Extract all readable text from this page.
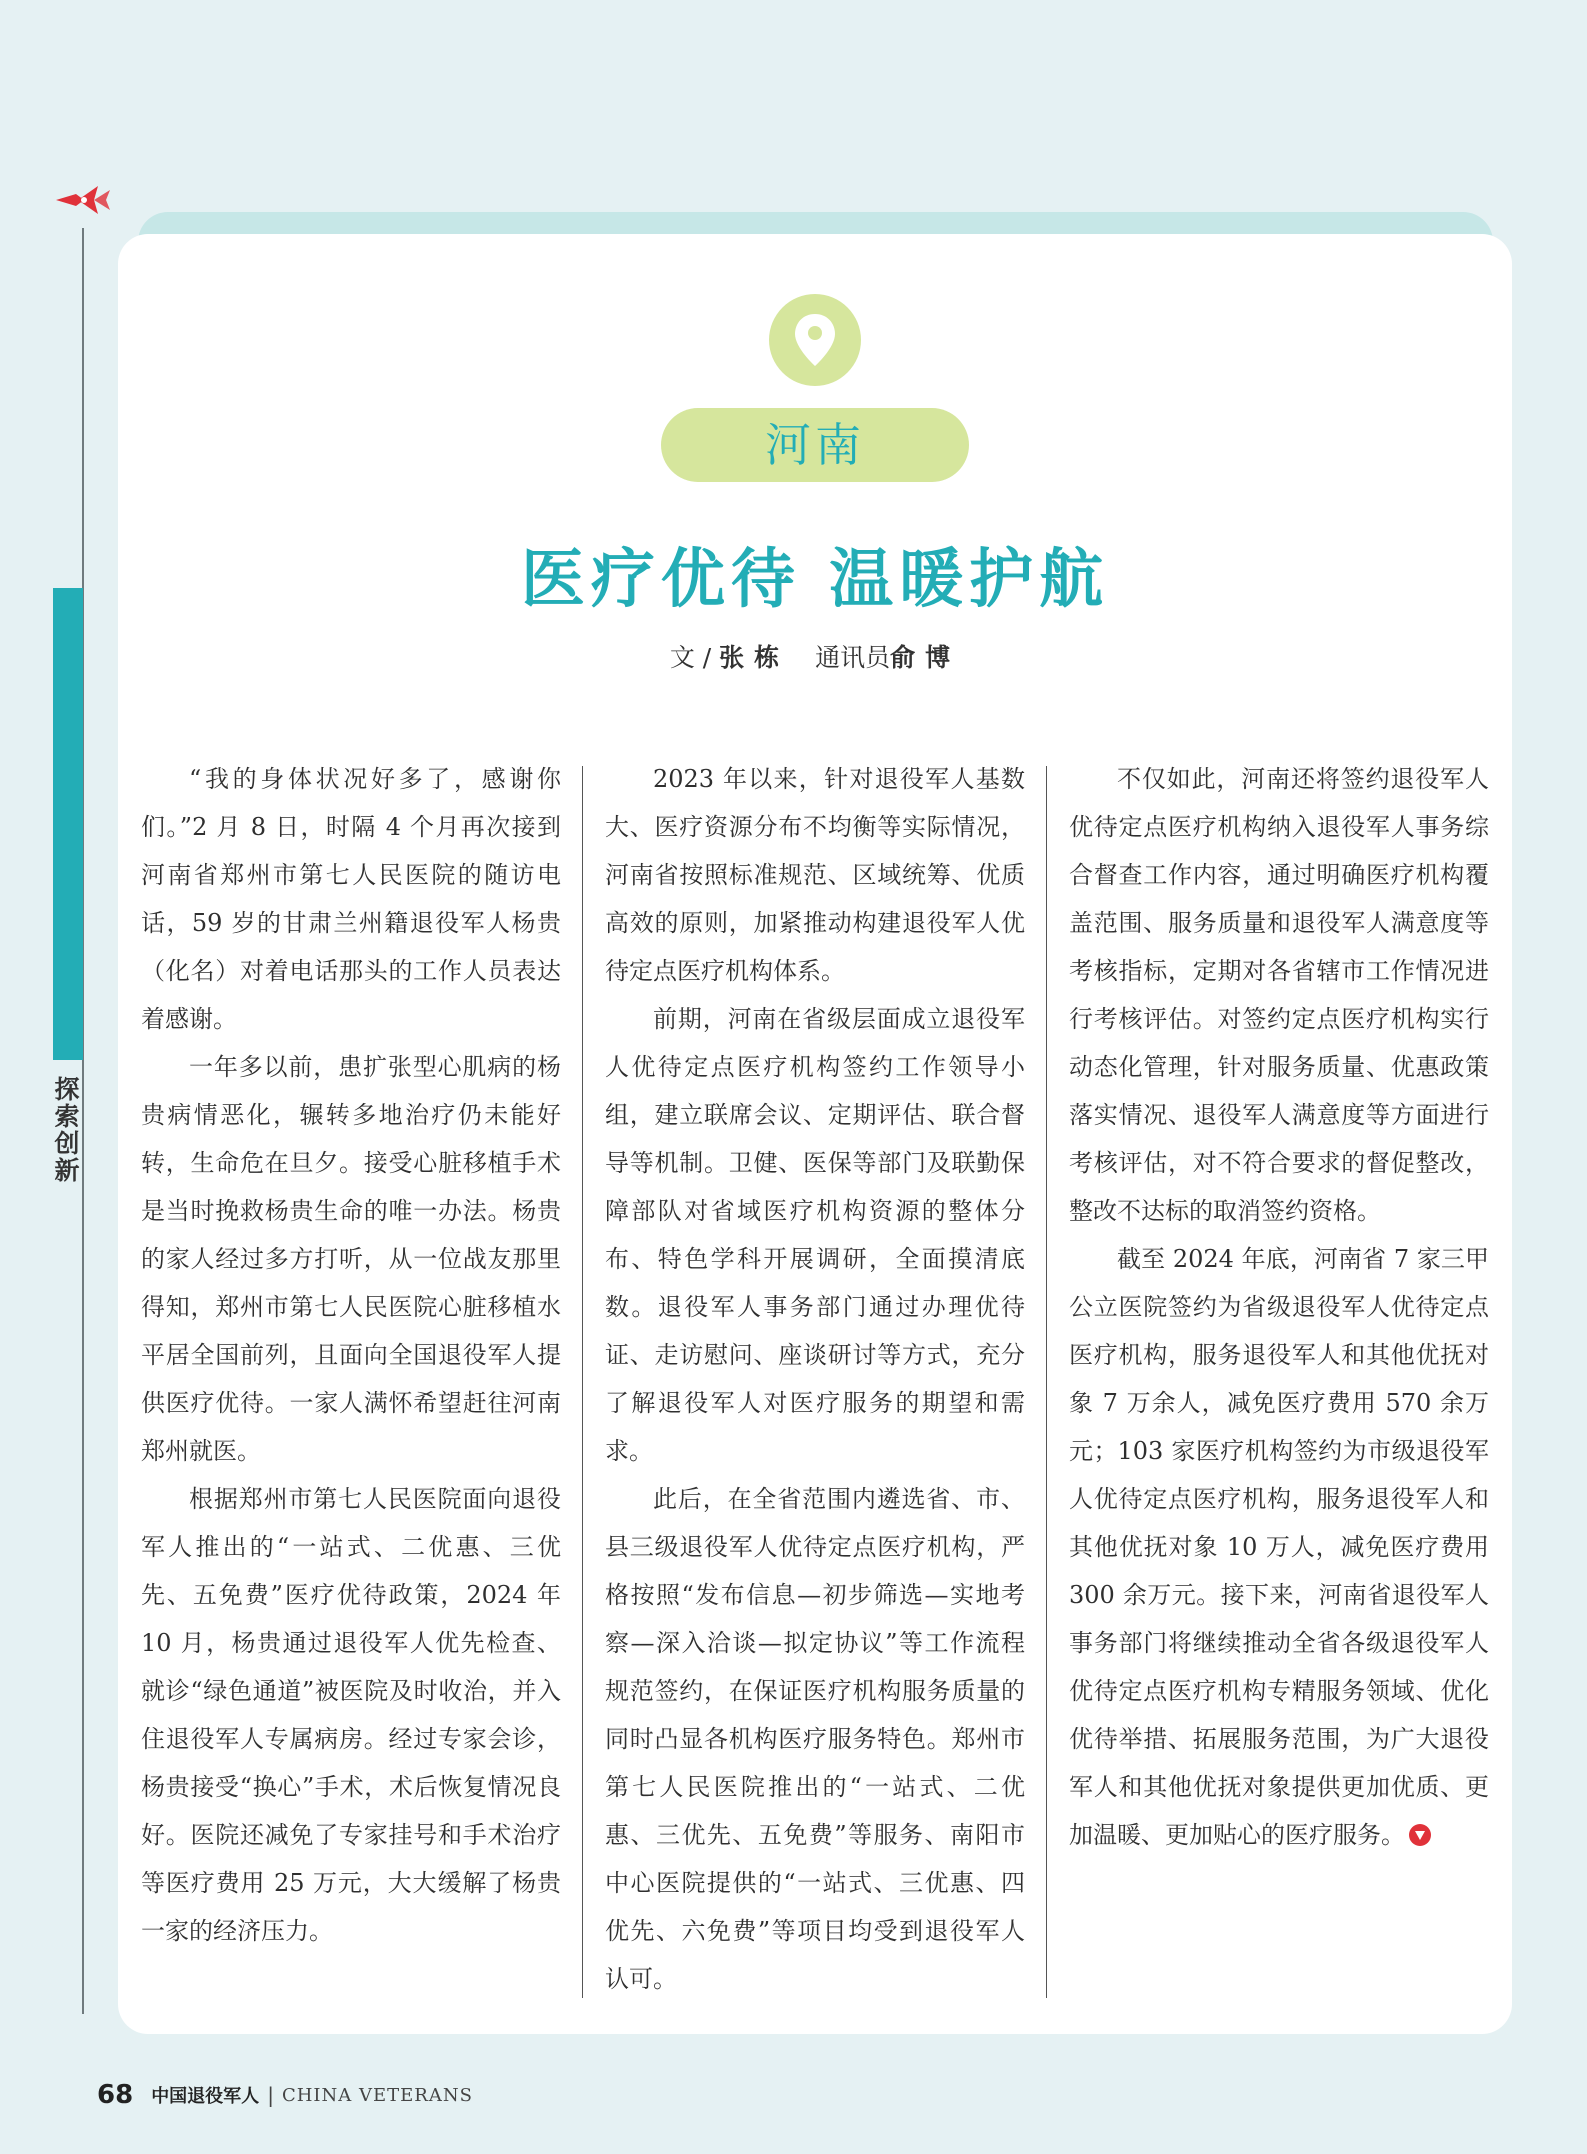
探索创新
河南
医疗优待 温暖护航
文 / 张栋 通讯员俞博

“我的身体状况好多了，感谢你们。”2 月 8 日，时隔 4 个月再次接到河南省郑州市第七人民医院的随访电话，59 岁的甘肃兰州籍退役军人杨贵（化名）对着电话那头的工作人员表达着感谢。

一年多以前，患扩张型心肌病的杨贵病情恶化，辗转多地治疗仍未能好转，生命危在旦夕。接受心脏移植手术是当时挽救杨贵生命的唯一办法。杨贵的家人经过多方打听，从一位战友那里得知，郑州市第七人民医院心脏移植水平居全国前列，且面向全国退役军人提供医疗优待。一家人满怀希望赶往河南郑州就医。

根据郑州市第七人民医院面向退役军人推出的“一站式、二优惠、三优先、五免费”医疗优待政策，2024 年 10 月，杨贵通过退役军人优先检查、就诊“绿色通道”被医院及时收治，并入住退役军人专属病房。经过专家会诊，杨贵接受“换心”手术，术后恢复情况良好。医院还减免了专家挂号和手术治疗等医疗费用 25 万元，大大缓解了杨贵一家的经济压力。

2023 年以来，针对退役军人基数大、医疗资源分布不均衡等实际情况，河南省按照标准规范、区域统筹、优质高效的原则，加紧推动构建退役军人优待定点医疗机构体系。

前期，河南在省级层面成立退役军人优待定点医疗机构签约工作领导小组，建立联席会议、定期评估、联合督导等机制。卫健、医保等部门及联勤保障部队对省域医疗机构资源的整体分布、特色学科开展调研，全面摸清底数。退役军人事务部门通过办理优待证、走访慰问、座谈研讨等方式，充分了解退役军人对医疗服务的期望和需求。

此后，在全省范围内遴选省、市、县三级退役军人优待定点医疗机构，严格按照“发布信息—初步筛选—实地考察—深入洽谈—拟定协议”等工作流程规范签约，在保证医疗机构服务质量的同时凸显各机构医疗服务特色。郑州市第七人民医院推出的“一站式、二优惠、三优先、五免费”等服务、南阳市中心医院提供的“一站式、三优惠、四优先、六免费”等项目均受到退役军人认可。

不仅如此，河南还将签约退役军人优待定点医疗机构纳入退役军人事务综合督查工作内容，通过明确医疗机构覆盖范围、服务质量和退役军人满意度等考核指标，定期对各省辖市工作情况进行考核评估。对签约定点医疗机构实行动态化管理，针对服务质量、优惠政策落实情况、退役军人满意度等方面进行考核评估，对不符合要求的督促整改，整改不达标的取消签约资格。

截至 2024 年底，河南省 7 家三甲公立医院签约为省级退役军人优待定点医疗机构，服务退役军人和其他优抚对象 7 万余人，减免医疗费用 570 余万元；103 家医疗机构签约为市级退役军人优待定点医疗机构，服务退役军人和其他优抚对象 10 万人，减免医疗费用 300 余万元。接下来，河南省退役军人事务部门将继续推动全省各级退役军人优待定点医疗机构专精服务领域、优化优待举措、拓展服务范围，为广大退役军人和其他优抚对象提供更加优质、更加温暖、更加贴心的医疗服务。

68 中国退役军人 | CHINA VETERANS
